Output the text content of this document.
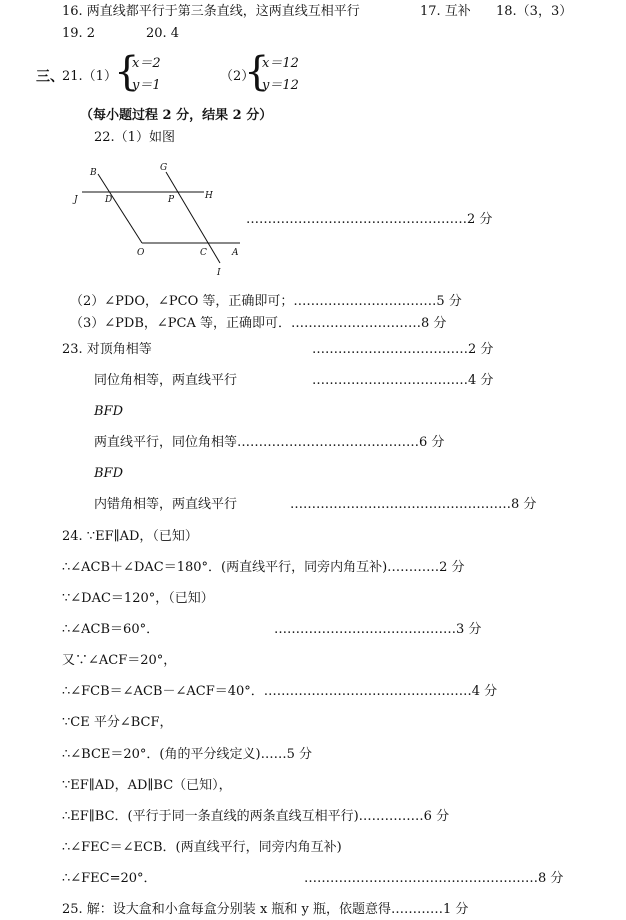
16. 两直线都平行于第三条直线，这两直线互相平行	17. 互补 18.（3，3）
19. 2	20. 4
三、
21.（1）
{
x＝2
y＝1
（2）
{
x＝12
y＝12
（每小题过程 2 分，结果 2 分）
22.（1）如图
B	G
J	D	P	H
O	C	A
I
……………………………………………2 分
（2）∠PDO，∠PCO 等，正确即可；……………………………5 分
（3）∠PDB，∠PCA 等，正确即可．…………………………8 分
23. 对顶角相等	………………………………2 分
同位角相等，两直线平行	………………………………4 分
BFD
两直线平行，同位角相等……………………………………6 分
BFD
内错角相等，两直线平行	……………………………………………8 分
24. ∵EF∥AD，（已知）
∴∠ACB＋∠DAC＝180°．(两直线平行，同旁内角互补)…………2 分
∵∠DAC＝120°，（已知）
∴∠ACB＝60°．	……………………………………3 分
又∵∠ACF＝20°，
∴∠FCB＝∠ACB－∠ACF＝40°．…………………………………………4 分
∵CE 平分∠BCF，
∴∠BCE＝20°．(角的平分线定义)……5 分
∵EF∥AD，AD∥BC（已知），
∴EF∥BC．(平行于同一条直线的两条直线互相平行)……………6 分
∴∠FEC＝∠ECB．(两直线平行，同旁内角互补)
∴∠FEC=20°．	………………………………………………8 分
25. 解：设大盒和小盒每盒分别装 x 瓶和 y 瓶，依题意得…………1 分
